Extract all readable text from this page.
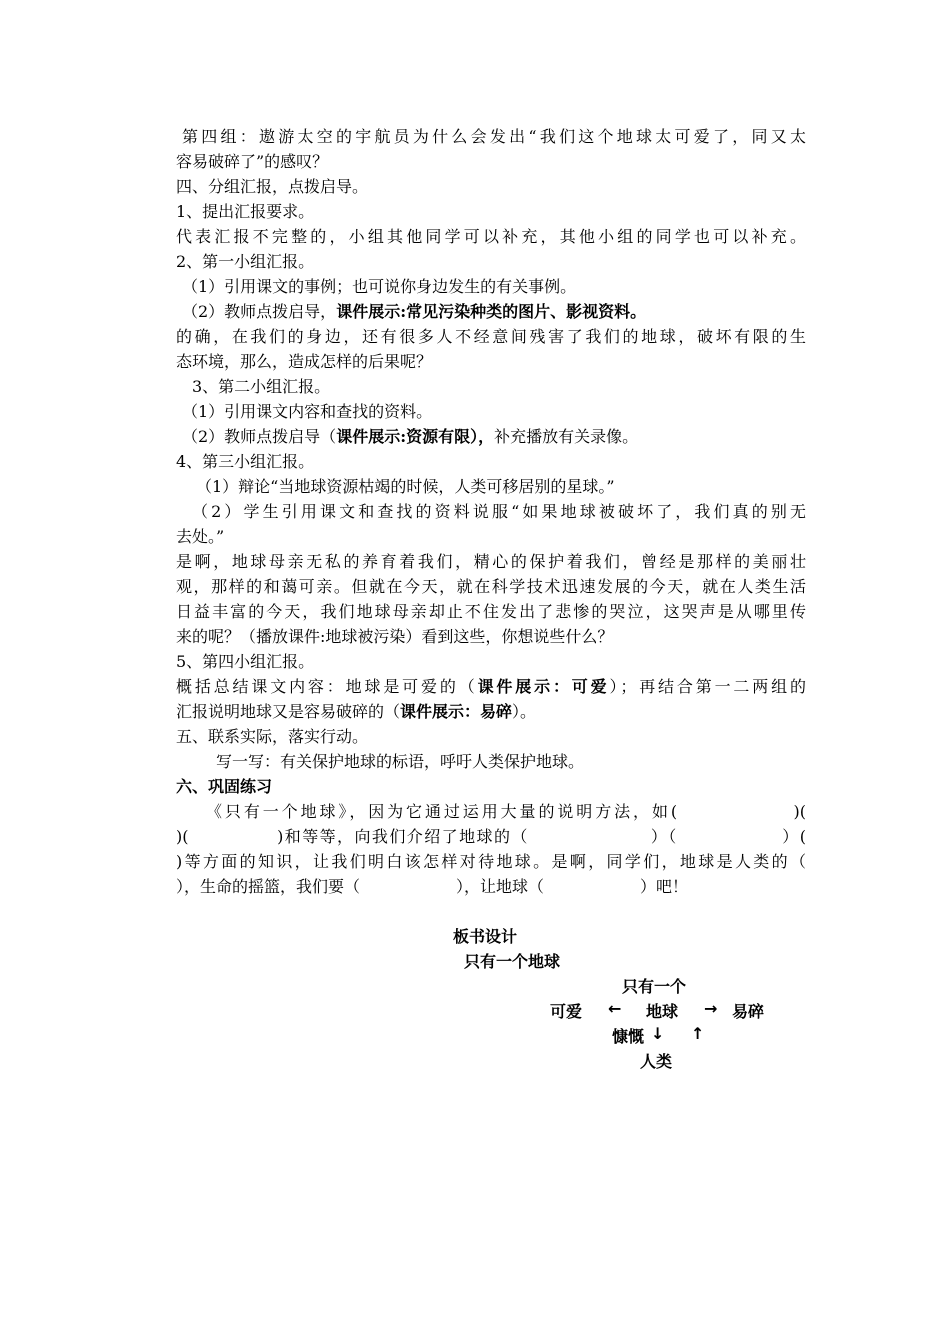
第四组：遨游太空的宇航员为什么会发出“我们这个地球太可爱了，同又太
容易破碎了”的感叹？
四、分组汇报，点拨启导。
1、提出汇报要求。
代表汇报不完整的，小组其他同学可以补充，其他小组的同学也可以补充。
2、第一小组汇报。
（1）引用课文的事例；也可说你身边发生的有关事例。
（2）教师点拨启导，课件展示:常见污染种类的图片、影视资料。
的确，在我们的身边，还有很多人不经意间残害了我们的地球，破坏有限的生
态环境，那么，造成怎样的后果呢？
3、第二小组汇报。
（1）引用课文内容和查找的资料。
（2）教师点拨启导（课件展示:资源有限），补充播放有关录像。
4、第三小组汇报。
（1）辩论“当地球资源枯竭的时候，人类可移居别的星球。”
（2）学生引用课文和查找的资料说服“如果地球被破坏了，我们真的别无
去处。”
是啊，地球母亲无私的养育着我们，精心的保护着我们，曾经是那样的美丽壮
观，那样的和蔼可亲。但就在今天，就在科学技术迅速发展的今天，就在人类生活
日益丰富的今天，我们地球母亲却止不住发出了悲惨的哭泣，这哭声是从哪里传
来的呢？（播放课件:地球被污染）看到这些，你想说些什么？
5、第四小组汇报。
概括总结课文内容：地球是可爱的（课件展示：可爱）；再结合第一二两组的
汇报说明地球又是容易破碎的（课件展示：易碎）。
五、联系实际，落实行动。
写一写：有关保护地球的标语，呼吁人类保护地球。
六、巩固练习
《只有一个地球》，因为它通过运用大量的说明方法，如(　　　　　　)(
)(　　　　　)和等等，向我们介绍了地球的（　　　　　　　）（　　　　　　）(
)等方面的知识，让我们明白该怎样对待地球。是啊，同学们，地球是人类的（
），生命的摇篮，我们要（　　　　　　），让地球（　　　　　　）吧！
板书设计
只有一个地球
只有一个
可爱 ← 地球 → 易碎
慷慨 ↓ ↑
人类
